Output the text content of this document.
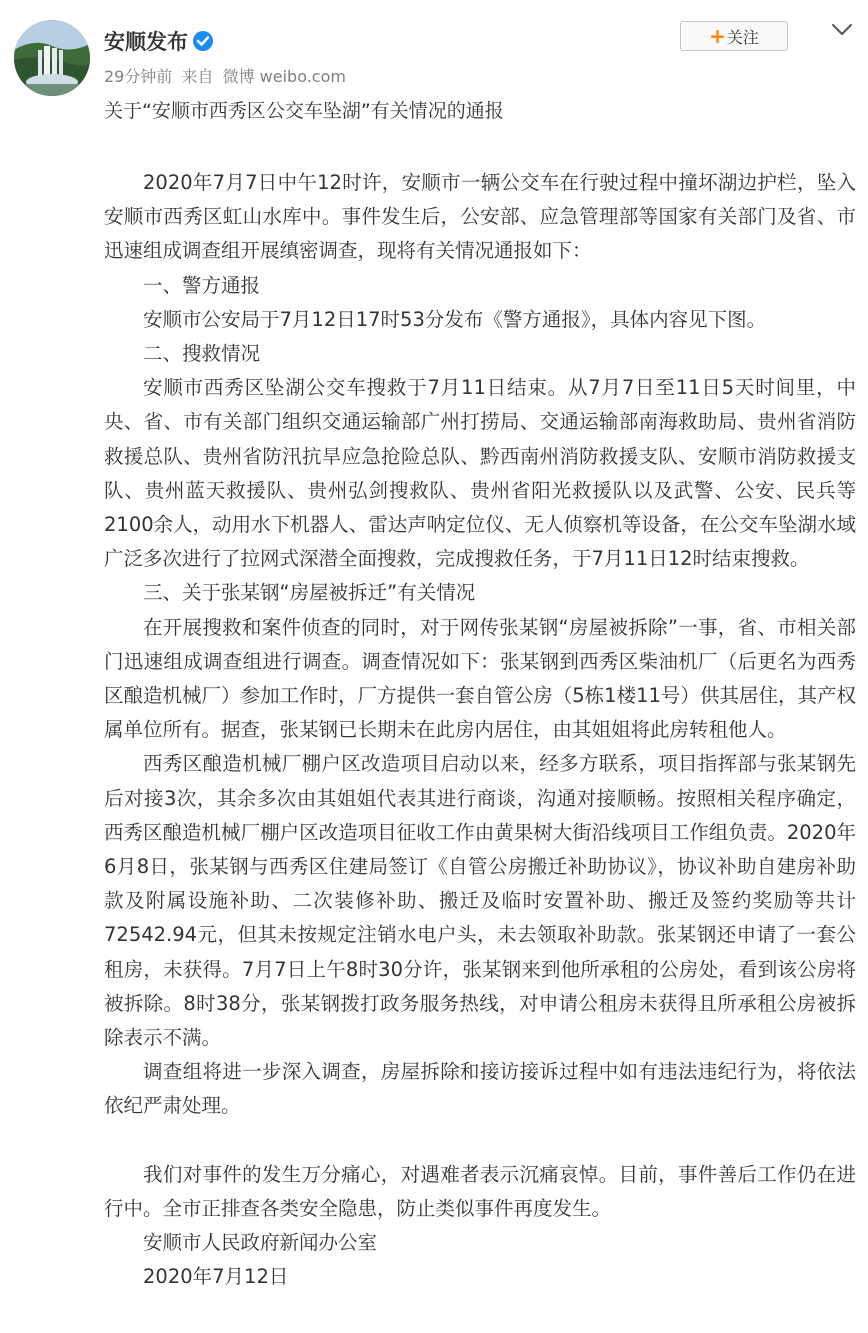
安顺发布
29分钟前 来自 微博 weibo.com
+关注
关于“安顺市西秀区公交车坠湖”有关情况的通报

2020年7月7日中午12时许，安顺市一辆公交车在行驶过程中撞坏湖边护栏，坠入安顺市西秀区虹山水库中。事件发生后，公安部、应急管理部等国家有关部门及省、市迅速组成调查组开展缜密调查，现将有关情况通报如下：

一、警方通报

安顺市公安局于7月12日17时53分发布《警方通报》，具体内容见下图。

二、搜救情况

安顺市西秀区坠湖公交车搜救于7月11日结束。从7月7日至11日5天时间里，中央、省、市有关部门组织交通运输部广州打捞局、交通运输部南海救助局、贵州省消防救援总队、贵州省防汛抗旱应急抢险总队、黔西南州消防救援支队、安顺市消防救援支队、贵州蓝天救援队、贵州弘剑搜救队、贵州省阳光救援队以及武警、公安、民兵等2100余人，动用水下机器人、雷达声呐定位仪、无人侦察机等设备，在公交车坠湖水域广泛多次进行了拉网式深潜全面搜救，完成搜救任务，于7月11日12时结束搜救。

三、关于张某钢“房屋被拆迁”有关情况

在开展搜救和案件侦查的同时，对于网传张某钢“房屋被拆除”一事，省、市相关部门迅速组成调查组进行调查。调查情况如下：张某钢到西秀区柴油机厂（后更名为西秀区酿造机械厂）参加工作时，厂方提供一套自管公房（5栋1楼11号）供其居住，其产权属单位所有。据查，张某钢已长期未在此房内居住，由其姐姐将此房转租他人。

西秀区酿造机械厂棚户区改造项目启动以来，经多方联系，项目指挥部与张某钢先后对接3次，其余多次由其姐姐代表其进行商谈，沟通对接顺畅。按照相关程序确定，西秀区酿造机械厂棚户区改造项目征收工作由黄果树大街沿线项目工作组负责。2020年6月8日，张某钢与西秀区住建局签订《自管公房搬迁补助协议》，协议补助自建房补助款及附属设施补助、二次装修补助、搬迁及临时安置补助、搬迁及签约奖励等共计72542.94元，但其未按规定注销水电户头，未去领取补助款。张某钢还申请了一套公租房，未获得。7月7日上午8时30分许，张某钢来到他所承租的公房处，看到该公房将被拆除。8时38分，张某钢拨打政务服务热线，对申请公租房未获得且所承租公房被拆除表示不满。

调查组将进一步深入调查，房屋拆除和接访接诉过程中如有违法违纪行为，将依法依纪严肃处理。

我们对事件的发生万分痛心，对遇难者表示沉痛哀悼。目前，事件善后工作仍在进行中。全市正排查各类安全隐患，防止类似事件再度发生。

安顺市人民政府新闻办公室

2020年7月12日
